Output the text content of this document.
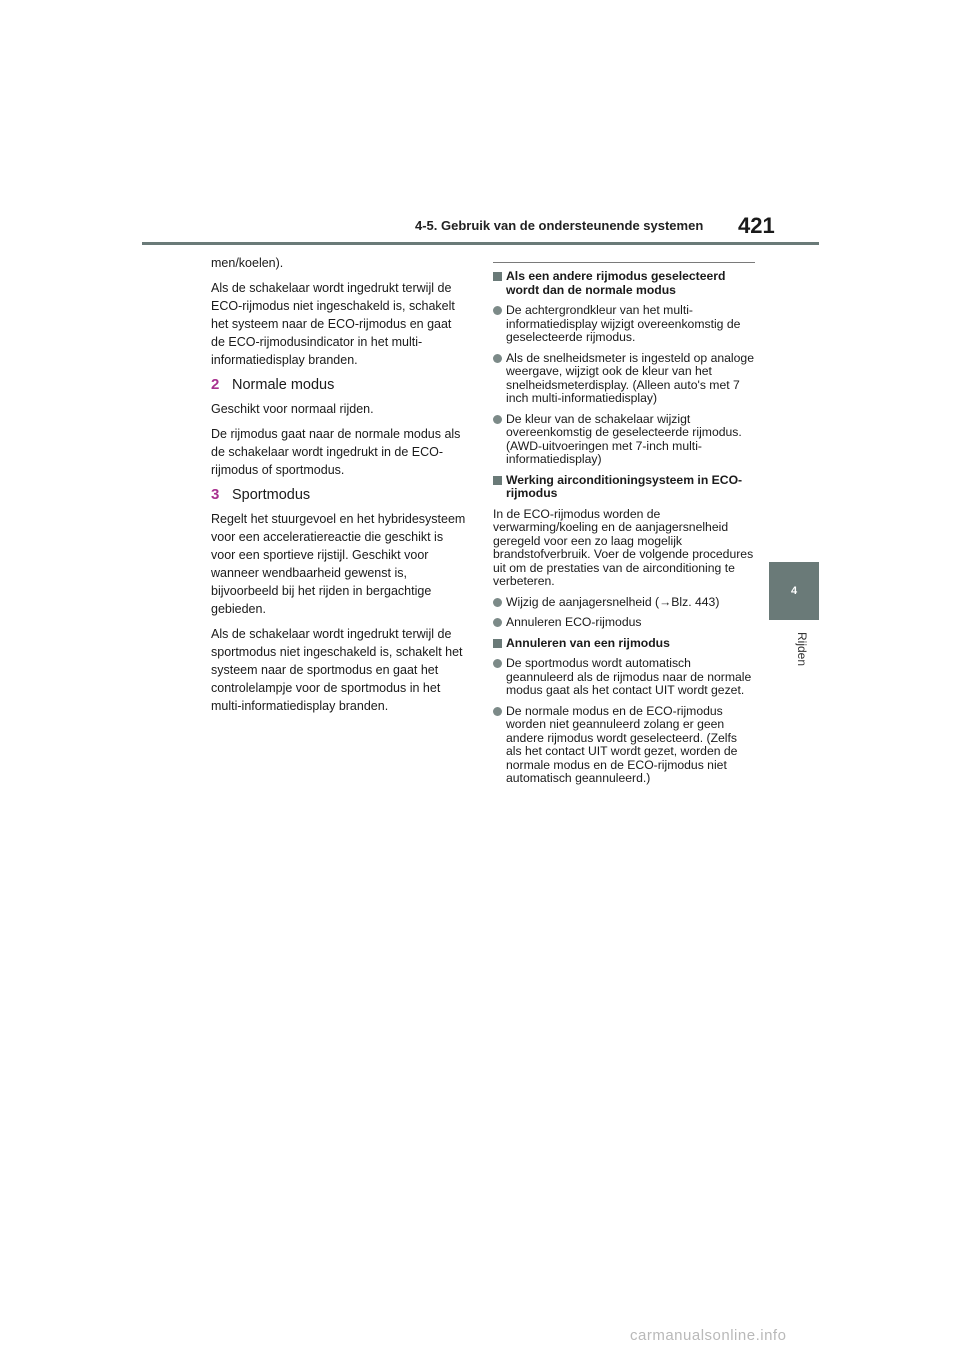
4-5. Gebruik van de ondersteunende systemen 421
4
Rijden

men/koelen).

Als de schakelaar wordt ingedrukt terwijl de ECO-rijmodus niet ingeschakeld is, schakelt het systeem naar de ECO-rijmodus en gaat de ECO-rijmodusindicator in het multi-informatiedisplay branden.

2 Normale modus

Geschikt voor normaal rijden.

De rijmodus gaat naar de normale modus als de schakelaar wordt ingedrukt in de ECO-rijmodus of sportmodus.

3 Sportmodus

Regelt het stuurgevoel en het hybridesysteem voor een acceleratiereactie die geschikt is voor een sportieve rijstijl. Geschikt voor wanneer wendbaarheid gewenst is, bijvoorbeeld bij het rijden in bergachtige gebieden.

Als de schakelaar wordt ingedrukt terwijl de sportmodus niet ingeschakeld is, schakelt het systeem naar de sportmodus en gaat het controlelampje voor de sportmodus in het multi-informatiedisplay branden.

Als een andere rijmodus geselecteerd wordt dan de normale modus
De achtergrondkleur van het multi-informatiedisplay wijzigt overeenkomstig de geselecteerde rijmodus.
Als de snelheidsmeter is ingesteld op analoge weergave, wijzigt ook de kleur van het snelheidsmeterdisplay. (Alleen auto's met 7 inch multi-informatiedisplay)
De kleur van de schakelaar wijzigt overeenkomstig de geselecteerde rijmodus. (AWD-uitvoeringen met 7-inch multi-informatiedisplay)
Werking airconditioningsysteem in ECO-rijmodus

In de ECO-rijmodus worden de verwarming/koeling en de aanjagersnelheid geregeld voor een zo laag mogelijk brandstofverbruik. Voer de volgende procedures uit om de prestaties van de airconditioning te verbeteren.

Wijzig de aanjagersnelheid (→Blz. 443)
Annuleren ECO-rijmodus
Annuleren van een rijmodus
De sportmodus wordt automatisch geannuleerd als de rijmodus naar de normale modus gaat als het contact UIT wordt gezet.
De normale modus en de ECO-rijmodus worden niet geannuleerd zolang er geen andere rijmodus wordt geselecteerd. (Zelfs als het contact UIT wordt gezet, worden de normale modus en de ECO-rijmodus niet automatisch geannuleerd.)
carmanualsonline.info
